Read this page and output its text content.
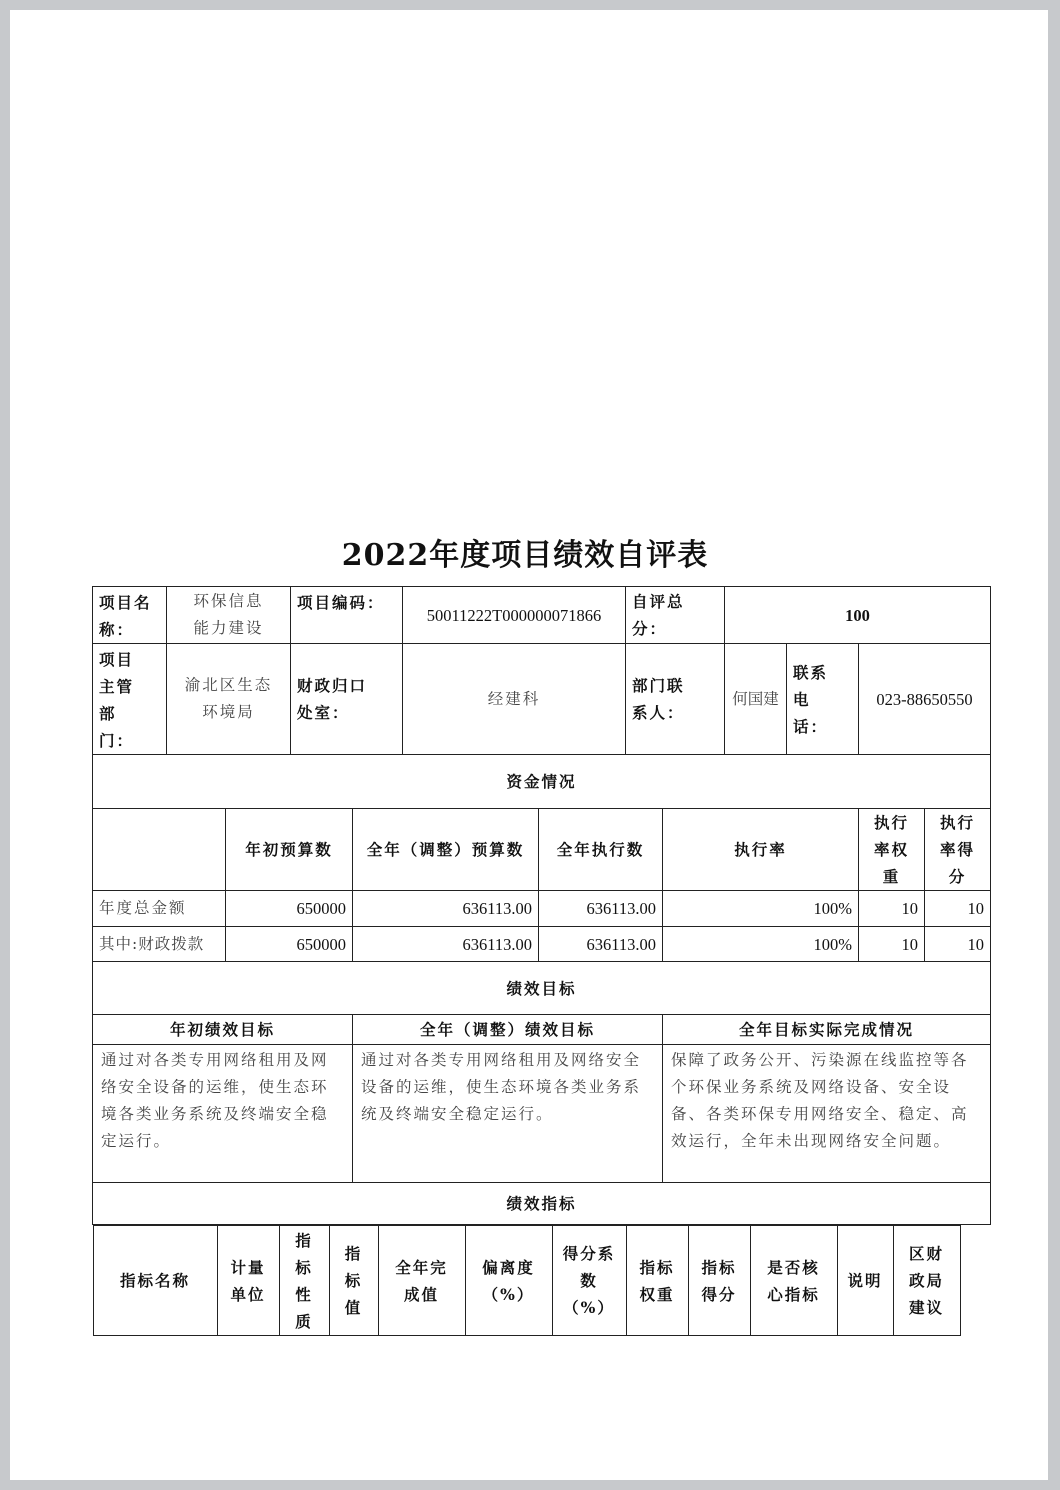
2022年度项目绩效自评表
项目名称：	环保信息能力建设	项目编码：	50011222T000000071866	自评总分：	100
项目主管部门：	渝北区生态环境局	财政归口处室：	经建科	部门联系人：	何国建	联系电话：	023-88650550
资金情况
	年初预算数	全年（调整）预算数	全年执行数	执行率	执行率权重	执行率得分
年度总金额	650000	636113.00	636113.00	100%	10	10
其中:财政拨款	650000	636113.00	636113.00	100%	10	10
绩效目标
年初绩效目标	全年（调整）绩效目标	全年目标实际完成情况
通过对各类专用网络租用及网络安全设备的运维，使生态环境各类业务系统及终端安全稳定运行。	通过对各类专用网络租用及网络安全设备的运维，使生态环境各类业务系统及终端安全稳定运行。	保障了政务公开、污染源在线监控等各个环保业务系统及网络设备、安全设备、各类环保专用网络安全、稳定、高效运行，全年未出现网络安全问题。
绩效指标

指标名称	计量单位	指标性质	指标值	全年完成值	偏离度（%）	得分系数（%）	指标权重	指标得分	是否核心指标	说明	区财政局建议
